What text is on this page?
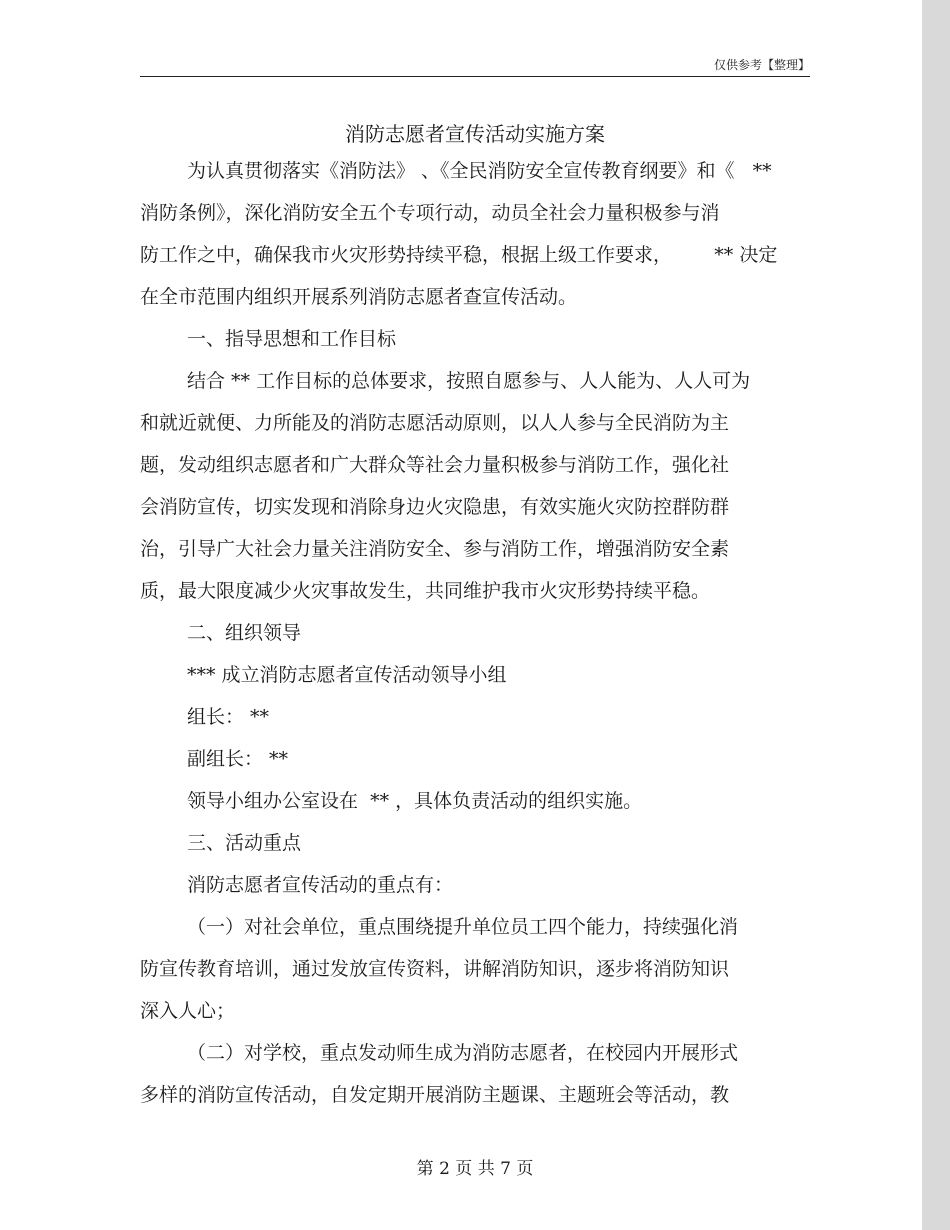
仅供参考【整理】
消防志愿者宣传活动实施方案
为认真贯彻落实《消防法》 、《全民消防安全宣传教育纲要》和《   **
消防条例》，深化消防安全五个专项行动，动员全社会力量积极参与消
防工作之中，确保我市火灾形势持续平稳，根据上级工作要求，       ** 决定
在全市范围内组织开展系列消防志愿者查宣传活动。
一、指导思想和工作目标
结合 ** 工作目标的总体要求，按照自愿参与、人人能为、人人可为
和就近就便、力所能及的消防志愿活动原则，以人人参与全民消防为主
题，发动组织志愿者和广大群众等社会力量积极参与消防工作，强化社
会消防宣传，切实发现和消除身边火灾隐患，有效实施火灾防控群防群
治，引导广大社会力量关注消防安全、参与消防工作，增强消防安全素
质，最大限度减少火灾事故发生，共同维护我市火灾形势持续平稳。
二、组织领导
*** 成立消防志愿者宣传活动领导小组
组长： **
副组长： **
领导小组办公室设在  ** ，具体负责活动的组织实施。
三、活动重点
消防志愿者宣传活动的重点有：
（一）对社会单位，重点围绕提升单位员工四个能力，持续强化消
防宣传教育培训，通过发放宣传资料，讲解消防知识，逐步将消防知识
深入人心；
（二）对学校，重点发动师生成为消防志愿者，在校园内开展形式
多样的消防宣传活动，自发定期开展消防主题课、主题班会等活动，教
第 2 页 共 7 页
